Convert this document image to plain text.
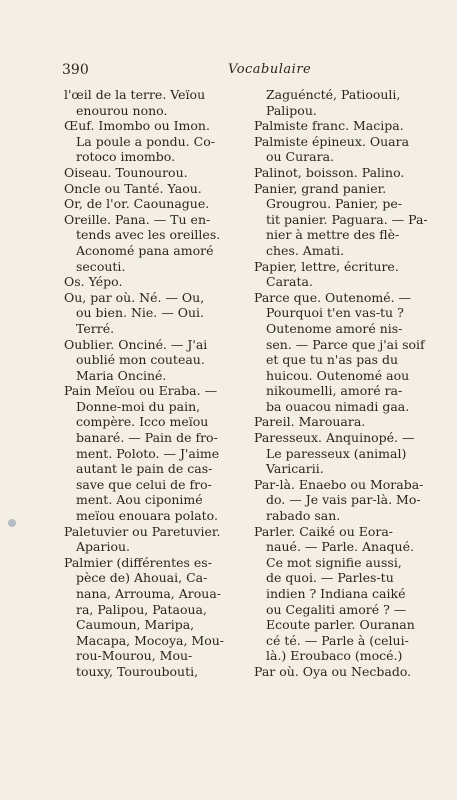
390	Vocabulaire
l'œil de la terre. Veïou
enourou nono.
Œuf. Imombo ou Imon.
La poule a pondu. Co-
rotoco imombo.
Oiseau. Tounourou.
Oncle ou Tanté. Yaou.
Or, de l'or. Caounague.
Oreille. Pana. — Tu en-
tends avec les oreilles.
Aconomé pana amoré
secouti.
Os. Yépo.
Ou, par où. Né. — Ou,
ou bien. Nie. — Oui.
Terré.
Oublier. Onciné. — J'ai
oublié mon couteau.
Maria Onciné.
Pain Meïou ou Eraba. —
Donne-moi du pain,
compère. Icco meïou
banaré. — Pain de fro-
ment. Poloto. — J'aime
autant le pain de cas-
save que celui de fro-
ment. Aou ciponimé
meïou enouara polato.
Paletuvier ou Paretuvier.
Apariou.
Palmier (différentes es-
pèce de) Ahouai, Ca-
nana, Arrouma, Aroua-
ra, Palipou, Pataoua,
Caumoun, Maripa,
Macapa, Mocoya, Mou-
rou-Mourou, Mou-
touxy, Touroubouti,
Zaguéncté, Patioouli,
Palipou.
Palmiste franc. Macipa.
Palmiste épineux. Ouara
ou Curara.
Palinot, boisson. Palino.
Panier, grand panier.
Grougrou. Panier, pe-
tit panier. Paguara. — Pa-
nier à mettre des flè-
ches. Amati.
Papier, lettre, écriture.
Carata.
Parce que. Outenomé. —
Pourquoi t'en vas-tu ?
Outenome amoré nis-
sen. — Parce que j'ai soif
et que tu n'as pas du
huicou. Outenomé aou
nikoumelli, amoré ra-
ba ouacou nimadi gaa.
Pareil. Marouara.
Paresseux. Anquinopé. —
Le paresseux (animal)
Varicarii.
Par-là. Enaebo ou Moraba-
do. — Je vais par-là. Mo-
rabado san.
Parler. Caiké ou Eora-
naué. — Parle. Anaqué.
Ce mot signifie aussi,
de quoi. — Parles-tu
indien ? Indiana caiké
ou Cegaliti amoré ? —
Ecoute parler. Ouranan
cé té. — Parle à (celui-
là.) Eroubaco (mocé.)
Par où. Oya ou Necbado.
